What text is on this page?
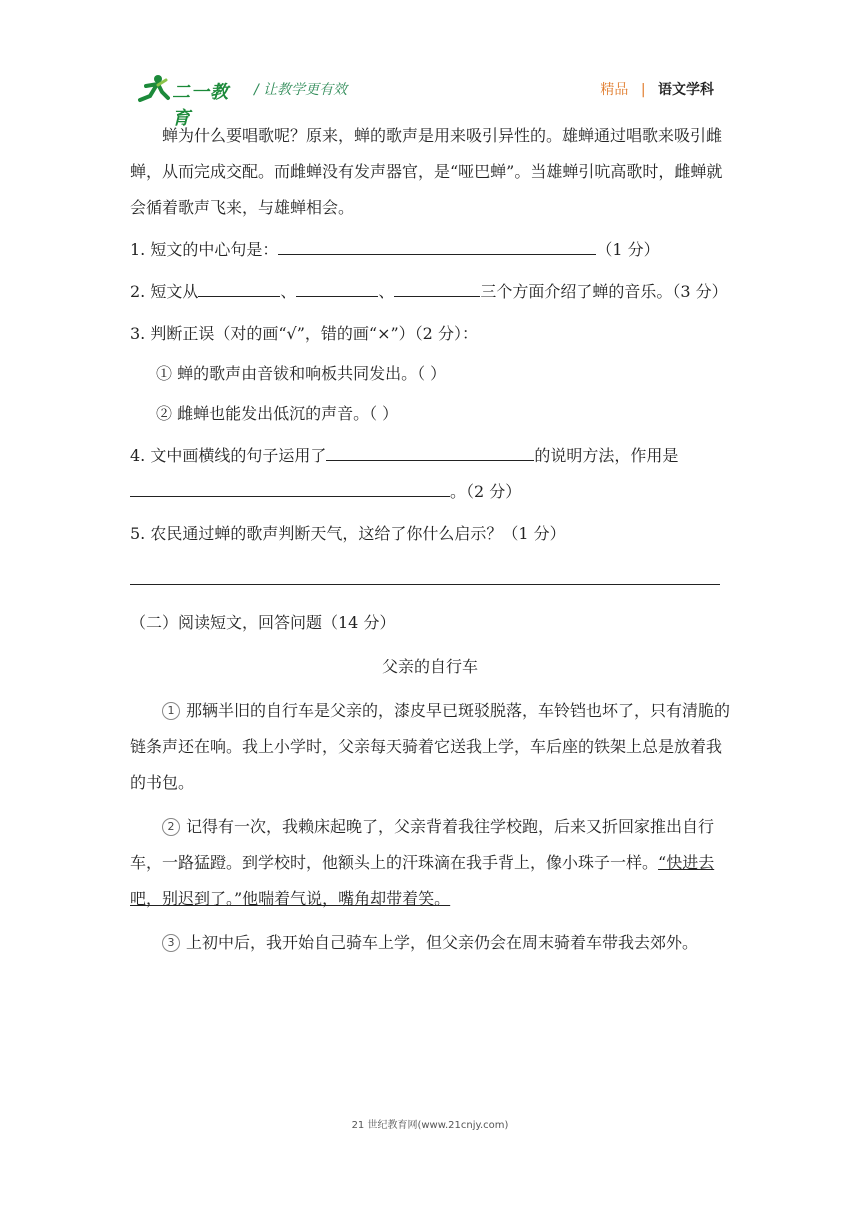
二一教育
/ 让教学更有效	精品 | 语文学科

蝉为什么要唱歌呢？原来，蝉的歌声是用来吸引异性的。雄蝉通过唱歌来吸引雌蝉，从而完成交配。而雌蝉没有发声器官，是“哑巴蝉”。当雄蝉引吭高歌时，雌蝉就会循着歌声飞来，与雄蝉相会。

1. 短文的中心句是：	（1 分）

2. 短文从	、	、	三个方面介绍了蝉的音乐。（3 分）

3. 判断正误（对的画“√”，错的画“×”）（2 分）：

① 蝉的歌声由音钹和响板共同发出。（ ）

② 雌蝉也能发出低沉的声音。（ ）

4. 文中画横线的句子运用了	的说明方法，作用是。（2 分）

5. 农民通过蝉的歌声判断天气，这给了你什么启示？（1 分）

（二）阅读短文，回答问题（14 分）

父亲的自行车

1 那辆半旧的自行车是父亲的，漆皮早已斑驳脱落，车铃铛也坏了，只有清脆的链条声还在响。我上小学时，父亲每天骑着它送我上学，车后座的铁架上总是放着我的书包。

2 记得有一次，我赖床起晚了，父亲背着我往学校跑，后来又折回家推出自行车，一路猛蹬。到学校时，他额头上的汗珠滴在我手背上，像小珠子一样。“快进去吧，别迟到了。”他喘着气说，嘴角却带着笑。

3 上初中后，我开始自己骑车上学，但父亲仍会在周末骑着车带我去郊外。

21 世纪教育网(www.21cnjy.com)
